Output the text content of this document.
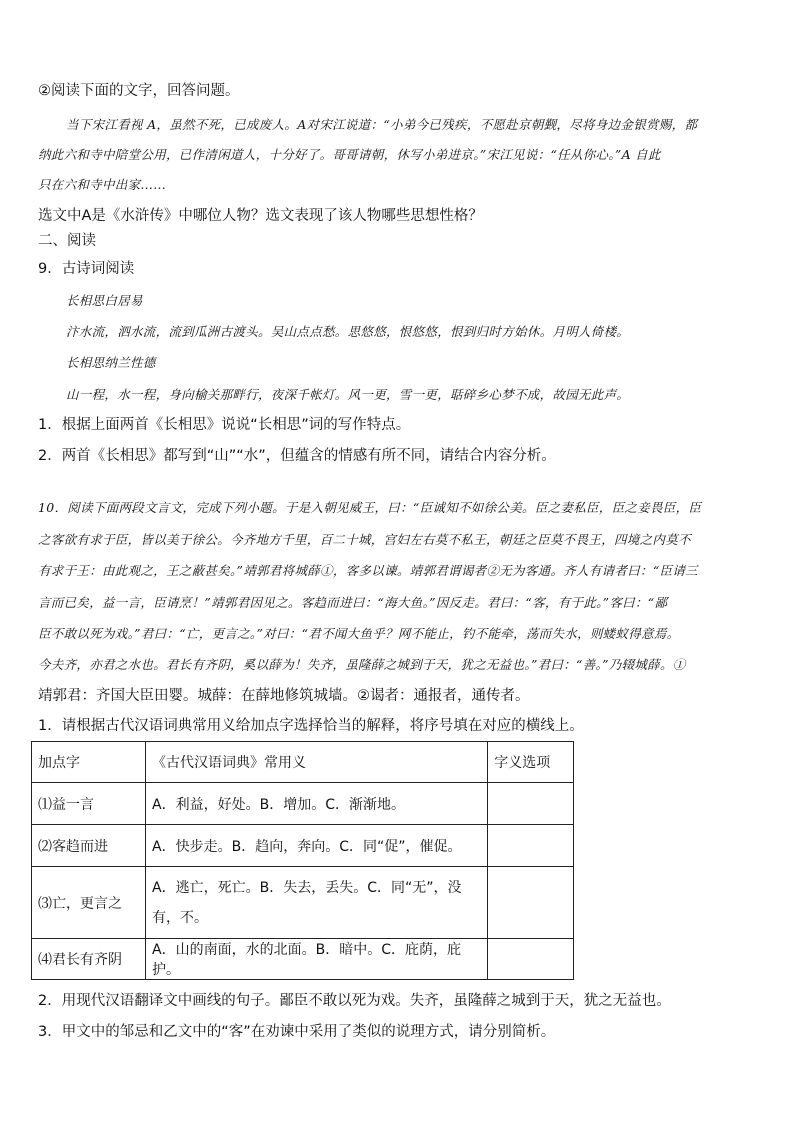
②阅读下面的文字，回答问题。
当下宋江看视 A，虽然不死，已成废人。A对宋江说道：“小弟今已残疾，不愿赴京朝觐，尽将身边金银赏赐，都
纳此六和寺中陪堂公用，已作清闲道人，十分好了。哥哥请朝，休写小弟进京。”宋江见说：“任从你心。”A 自此
只在六和寺中出家……
选文中A是《水浒传》中哪位人物？选文表现了该人物哪些思想性格？
二、阅读
9．古诗词阅读
长相思白居易
汴水流，泗水流，流到瓜洲古渡头。吴山点点愁。思悠悠，恨悠悠，恨到归时方始休。月明人倚楼。
长相思纳兰性德
山一程，水一程，身向榆关那畔行，夜深千帐灯。风一更，雪一更，聒碎乡心梦不成，故园无此声。
1．根据上面两首《长相思》说说“长相思”词的写作特点。
2．两首《长相思》都写到“山”“水”，但蕴含的情感有所不同，请结合内容分析。
10．阅读下面两段文言文，完成下列小题。于是入朝见威王，曰：“臣诚知不如徐公美。臣之妻私臣，臣之妾畏臣，臣
之客欲有求于臣，皆以美于徐公。今齐地方千里，百二十城，宫妇左右莫不私王，朝廷之臣莫不畏王，四境之内莫不
有求于王：由此观之，王之蔽甚矣。”靖郭君将城薛①，客多以谏。靖郭君谓谒者②无为客通。齐人有请者曰：“臣请三
言而已矣，益一言，臣请烹！”靖郭君因见之。客趋而进曰：“海大鱼。”因反走。君曰：“客，有于此。”客曰：“鄙
臣不敢以死为戏。”君曰：“亡，更言之。”对曰：“君不闻大鱼乎？网不能止，钓不能牵，荡而失水，则蝼蚁得意焉。
今夫齐，亦君之水也。君长有齐阴，奚以薛为！失齐，虽隆薛之城到于天，犹之无益也。”君曰：“善。”乃辍城薛。①
靖郭君：齐国大臣田婴。城薛：在薛地修筑城墙。②谒者：通报者，通传者。
1．请根据古代汉语词典常用义给加点字选择恰当的解释，将序号填在对应的横线上。
加点字	《古代汉语词典》常用义	字义选项
⑴益一言	A．利益，好处。B．增加。C．渐渐地。	
⑵客趋而进	A．快步走。B．趋向，奔向。C．同“促”，催促。	
⑶亡，更言之	A．逃亡，死亡。B．失去，丢失。C．同“无”，没有，不。	
⑷君长有齐阴	A．山的南面，水的北面。B．暗中。C．庇荫，庇护。	
2．用现代汉语翻译文中画线的句子。鄙臣不敢以死为戏。失齐，虽隆薛之城到于天，犹之无益也。
3．甲文中的邹忌和乙文中的“客”在劝谏中采用了类似的说理方式，请分别简析。
